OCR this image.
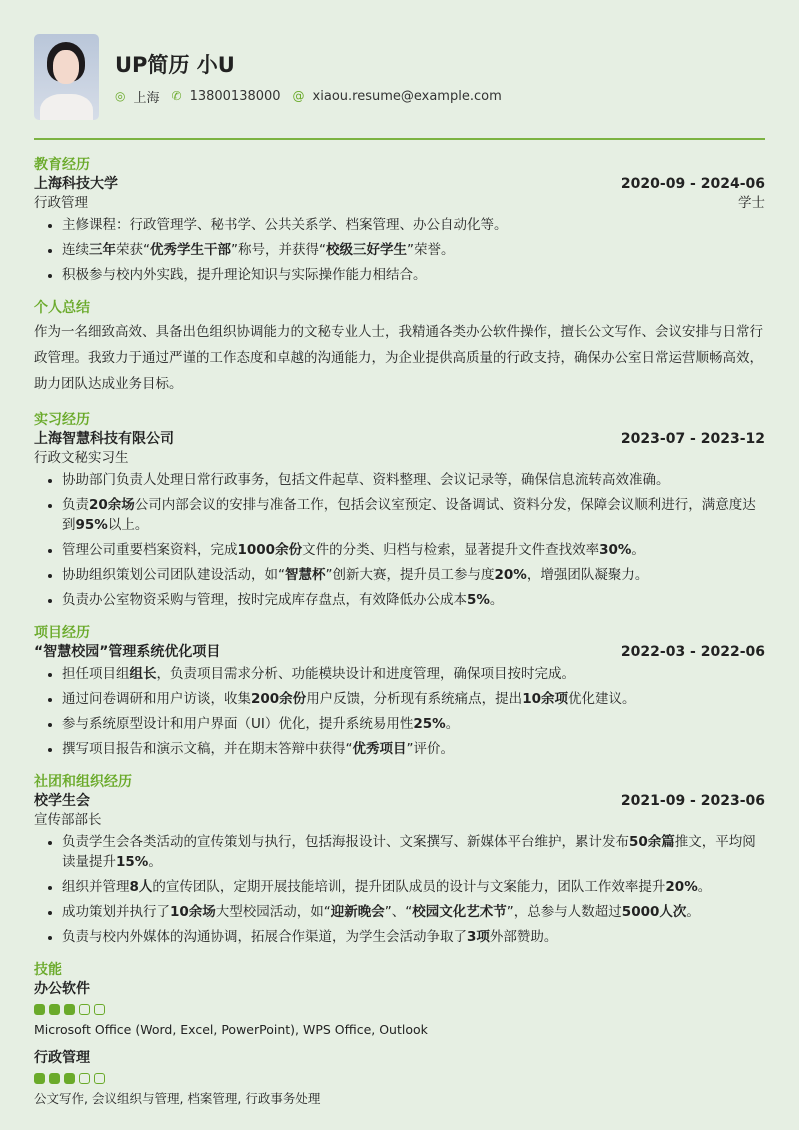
UP简历 小U
◎ 上海 ✆ 13800138000 @ xiaou.resume@example.com
教育经历
上海科技大学	2020-09 - 2024-06
行政管理	学士
• 主修课程：行政管理学、秘书学、公共关系学、档案管理、办公自动化等。
• 连续三年荣获“优秀学生干部”称号，并获得“校级三好学生”荣誉。
• 积极参与校内外实践，提升理论知识与实际操作能力相结合。
个人总结
作为一名细致高效、具备出色组织协调能力的文秘专业人士，我精通各类办公软件操作，擅长公文写作、会议安排与日常行政管理。我致力于通过严谨的工作态度和卓越的沟通能力，为企业提供高质量的行政支持，确保办公室日常运营顺畅高效，助力团队达成业务目标。
实习经历
上海智慧科技有限公司	2023-07 - 2023-12
行政文秘实习生
• 协助部门负责人处理日常行政事务，包括文件起草、资料整理、会议记录等，确保信息流转高效准确。
• 负责20余场公司内部会议的安排与准备工作，包括会议室预定、设备调试、资料分发，保障会议顺利进行，满意度达到95%以上。
• 管理公司重要档案资料，完成1000余份文件的分类、归档与检索，显著提升文件查找效率30%。
• 协助组织策划公司团队建设活动，如“智慧杯”创新大赛，提升员工参与度20%，增强团队凝聚力。
• 负责办公室物资采购与管理，按时完成库存盘点，有效降低办公成本5%。
项目经历
“智慧校园”管理系统优化项目	2022-03 - 2022-06
• 担任项目组组长，负责项目需求分析、功能模块设计和进度管理，确保项目按时完成。
• 通过问卷调研和用户访谈，收集200余份用户反馈，分析现有系统痛点，提出10余项优化建议。
• 参与系统原型设计和用户界面（UI）优化，提升系统易用性25%。
• 撰写项目报告和演示文稿，并在期末答辩中获得“优秀项目”评价。
社团和组织经历
校学生会	2021-09 - 2023-06
宣传部部长
• 负责学生会各类活动的宣传策划与执行，包括海报设计、文案撰写、新媒体平台维护，累计发布50余篇推文，平均阅读量提升15%。
• 组织并管理8人的宣传团队，定期开展技能培训，提升团队成员的设计与文案能力，团队工作效率提升20%。
• 成功策划并执行了10余场大型校园活动，如“迎新晚会”、“校园文化艺术节”，总参与人数超过5000人次。
• 负责与校内外媒体的沟通协调，拓展合作渠道，为学生会活动争取了3项外部赞助。
技能
办公软件
Microsoft Office (Word, Excel, PowerPoint), WPS Office, Outlook
行政管理
公文写作, 会议组织与管理, 档案管理, 行政事务处理
